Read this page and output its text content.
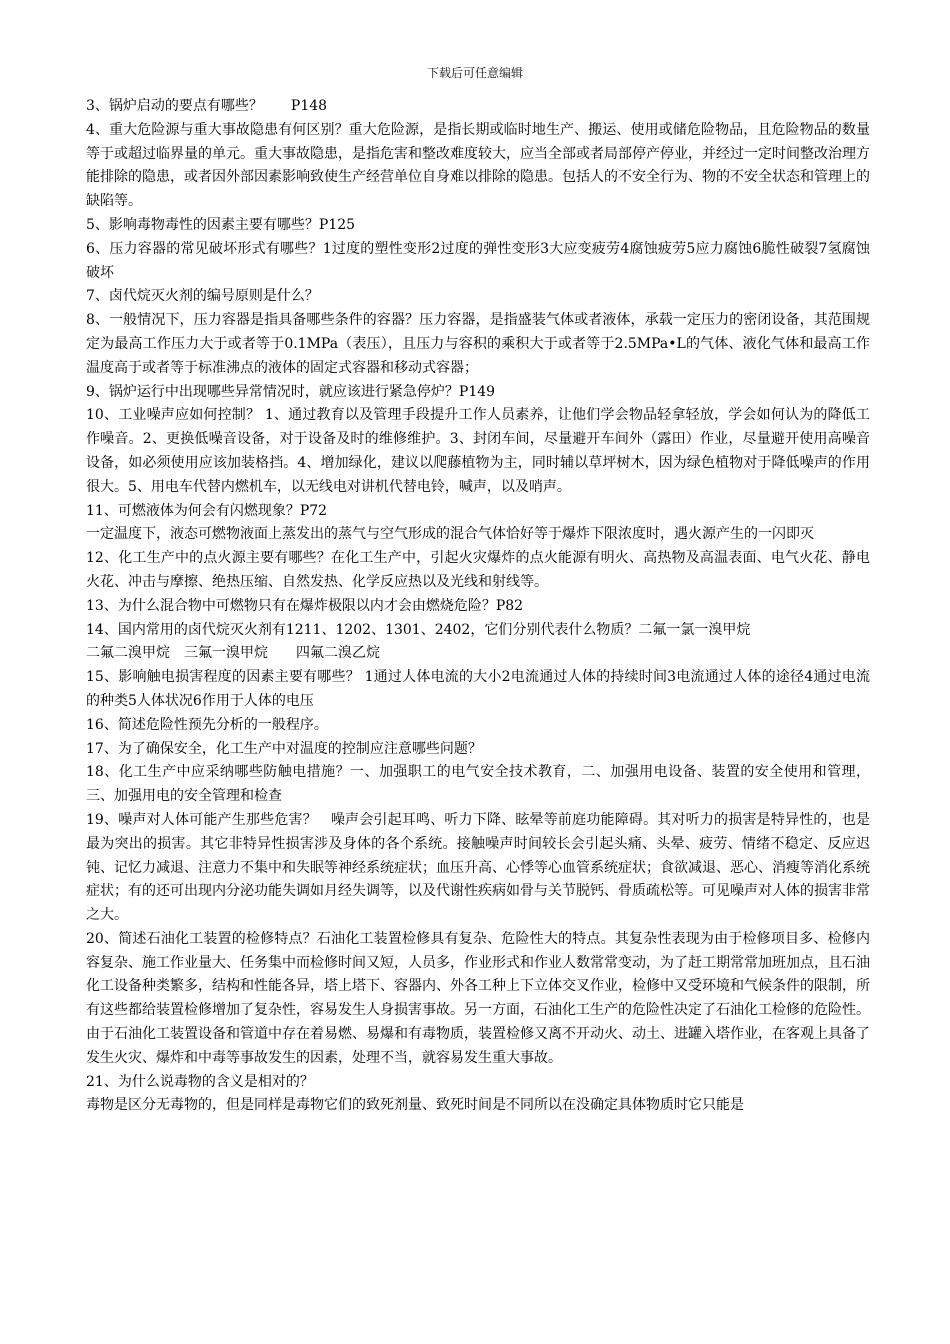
下载后可任意编辑

3、锅炉启动的要点有哪些？　　P148

4、重大危险源与重大事故隐患有何区别？重大危险源，是指长期或临时地生产、搬运、使用或储危险物品，且危险物品的数量等于或超过临界量的单元。重大事故隐患，是指危害和整改难度较大，应当全部或者局部停产停业，并经过一定时间整改治理方能排除的隐患，或者因外部因素影响致使生产经营单位自身难以排除的隐患。包括人的不安全行为、物的不安全状态和管理上的缺陷等。

5、影响毒物毒性的因素主要有哪些？P125

6、压力容器的常见破坏形式有哪些？1过度的塑性变形2过度的弹性变形3大应变疲劳4腐蚀疲劳5应力腐蚀6脆性破裂7氢腐蚀破坏

7、卤代烷灭火剂的编号原则是什么？

8、一般情况下，压力容器是指具备哪些条件的容器？压力容器，是指盛装气体或者液体，承载一定压力的密闭设备，其范围规定为最高工作压力大于或者等于0.1MPa（表压），且压力与容积的乘积大于或者等于2.5MPa•L的气体、液化气体和最高工作温度高于或者等于标准沸点的液体的固定式容器和移动式容器；

9、锅炉运行中出现哪些异常情况时，就应该进行紧急停炉？P149

10、工业噪声应如何控制？ 1、通过教育以及管理手段提升工作人员素养，让他们学会物品轻拿轻放，学会如何认为的降低工作噪音。2、更换低噪音设备，对于设备及时的维修维护。3、封闭车间，尽量避开车间外（露田）作业，尽量避开使用高噪音设备，如必须使用应该加装格挡。4、增加绿化，建议以爬藤植物为主，同时辅以草坪树木，因为绿色植物对于降低噪声的作用很大。5、用电车代替内燃机车，以无线电对讲机代替电铃，喊声，以及哨声。

11、可燃液体为何会有闪燃现象？P72

一定温度下，液态可燃物液面上蒸发出的蒸气与空气形成的混合气体恰好等于爆炸下限浓度时，遇火源产生的一闪即灭

12、化工生产中的点火源主要有哪些？在化工生产中，引起火灾爆炸的点火能源有明火、高热物及高温表面、电气火花、静电火花、冲击与摩擦、绝热压缩、自然发热、化学反应热以及光线和射线等。

13、为什么混合物中可燃物只有在爆炸极限以内才会由燃烧危险？P82

14、国内常用的卤代烷灭火剂有1211、1202、1301、2402，它们分别代表什么物质？二氟一氯一溴甲烷
二氟二溴甲烷　三氟一溴甲烷　　四氟二溴乙烷

15、影响触电损害程度的因素主要有哪些？ 1通过人体电流的大小2电流通过人体的持续时间3电流通过人体的途径4通过电流的种类5人体状况6作用于人体的电压

16、简述危险性预先分析的一般程序。

17、为了确保安全，化工生产中对温度的控制应注意哪些问题？

18、化工生产中应采纳哪些防触电措施？一、加强职工的电气安全技术教育，二、加强用电设备、装置的安全使用和管理，三、加强用电的安全管理和检查

19、噪声对人体可能产生那些危害？   噪声会引起耳鸣、听力下降、眩晕等前庭功能障碍。其对听力的损害是特异性的，也是最为突出的损害。其它非特异性损害涉及身体的各个系统。接触噪声时间较长会引起头痛、头晕、疲劳、情绪不稳定、反应迟钝、记忆力减退、注意力不集中和失眠等神经系统症状；血压升高、心悸等心血管系统症状；食欲减退、恶心、消瘦等消化系统症状；有的还可出现内分泌功能失调如月经失调等，以及代谢性疾病如骨与关节脱钙、骨质疏松等。可见噪声对人体的损害非常之大。

20、简述石油化工装置的检修特点？石油化工装置检修具有复杂、危险性大的特点。其复杂性表现为由于检修项目多、检修内容复杂、施工作业量大、任务集中而检修时间又短，人员多，作业形式和作业人数常常变动，为了赶工期常常加班加点，且石油化工设备种类繁多，结构和性能各异，塔上塔下、容器内、外各工种上下立体交叉作业，检修中又受环境和气候条件的限制，所有这些都给装置检修增加了复杂性，容易发生人身损害事故。另一方面，石油化工生产的危险性决定了石油化工检修的危险性。由于石油化工装置设备和管道中存在着易燃、易爆和有毒物质，装置检修又离不开动火、动土、进罐入塔作业，在客观上具备了发生火灾、爆炸和中毒等事故发生的因素，处理不当，就容易发生重大事故。

21、为什么说毒物的含义是相对的？

毒物是区分无毒物的，但是同样是毒物它们的致死剂量、致死时间是不同所以在没确定具体物质时它只能是
